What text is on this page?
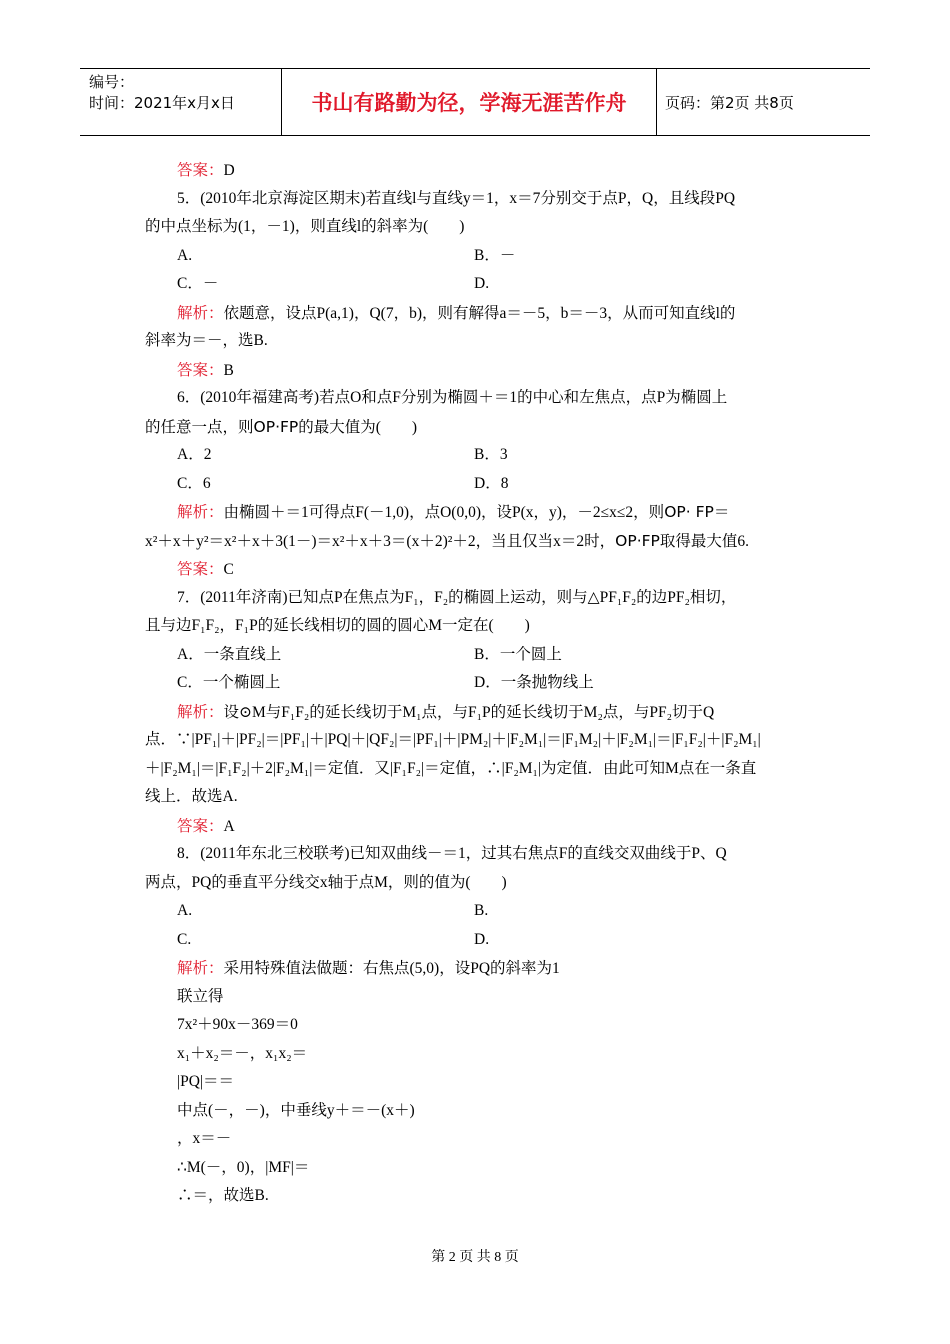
编号：
时间：2021年x月x日	书山有路勤为径，学海无涯苦作舟	页码：第2页 共8页
答案：D
5．(2010年北京海淀区期末)若直线l与直线y＝1，x＝7分别交于点P，Q，且线段PQ
的中点坐标为(1，－1)，则直线l的斜率为(　　)
A.	B．－
C．－	D.
解析：依题意，设点P(a,1)，Q(7，b)，则有解得a＝－5，b＝－3，从而可知直线l的
斜率为＝－，选B.
答案：B
6．(2010年福建高考)若点O和点F分别为椭圆＋＝1的中心和左焦点，点P为椭圆上
的任意一点，则OP·FP的最大值为(　　)
A．2	B．3
C．6	D．8
解析：由椭圆＋＝1可得点F(－1,0)，点O(0,0)，设P(x，y)，－2≤x≤2，则OP· FP＝
x²＋x＋y²＝x²＋x＋3(1－)＝x²＋x＋3＝(x＋2)²＋2，当且仅当x＝2时，OP·FP取得最大值6.
答案：C
7．(2011年济南)已知点P在焦点为F₁，F₂的椭圆上运动，则与△PF₁F₂的边PF₂相切，
且与边F₁F₂，F₁P的延长线相切的圆的圆心M一定在(　　)
A．一条直线上	B．一个圆上
C．一个椭圆上	D．一条抛物线上
解析：设⊙M与F₁F₂的延长线切于M₁点，与F₁P的延长线切于M₂点，与PF₂切于Q
点．∵|PF₁|＋|PF₂|＝|PF₁|＋|PQ|＋|QF₂|＝|PF₁|＋|PM₂|＋|F₂M₁|＝|F₁M₂|＋|F₂M₁|＝|F₁F₂|＋|F₂M₁|
＋|F₂M₁|＝|F₁F₂|＋2|F₂M₁|＝定值．又|F₁F₂|＝定值，∴|F₂M₁|为定值．由此可知M点在一条直
线上．故选A.
答案：A
8．(2011年东北三校联考)已知双曲线－＝1，过其右焦点F的直线交双曲线于P、Q
两点，PQ的垂直平分线交x轴于点M，则的值为(　　)
A.	B.
C.	D.
解析：采用特殊值法做题：右焦点(5,0)，设PQ的斜率为1
联立得
7x²＋90x－369＝0
x₁＋x₂＝－，x₁x₂＝
|PQ|＝＝
中点(－，－)，中垂线y＋＝－(x＋)
，x＝－
∴M(－，0)，|MF|＝
∴＝，故选B.
第 2 页 共 8 页
